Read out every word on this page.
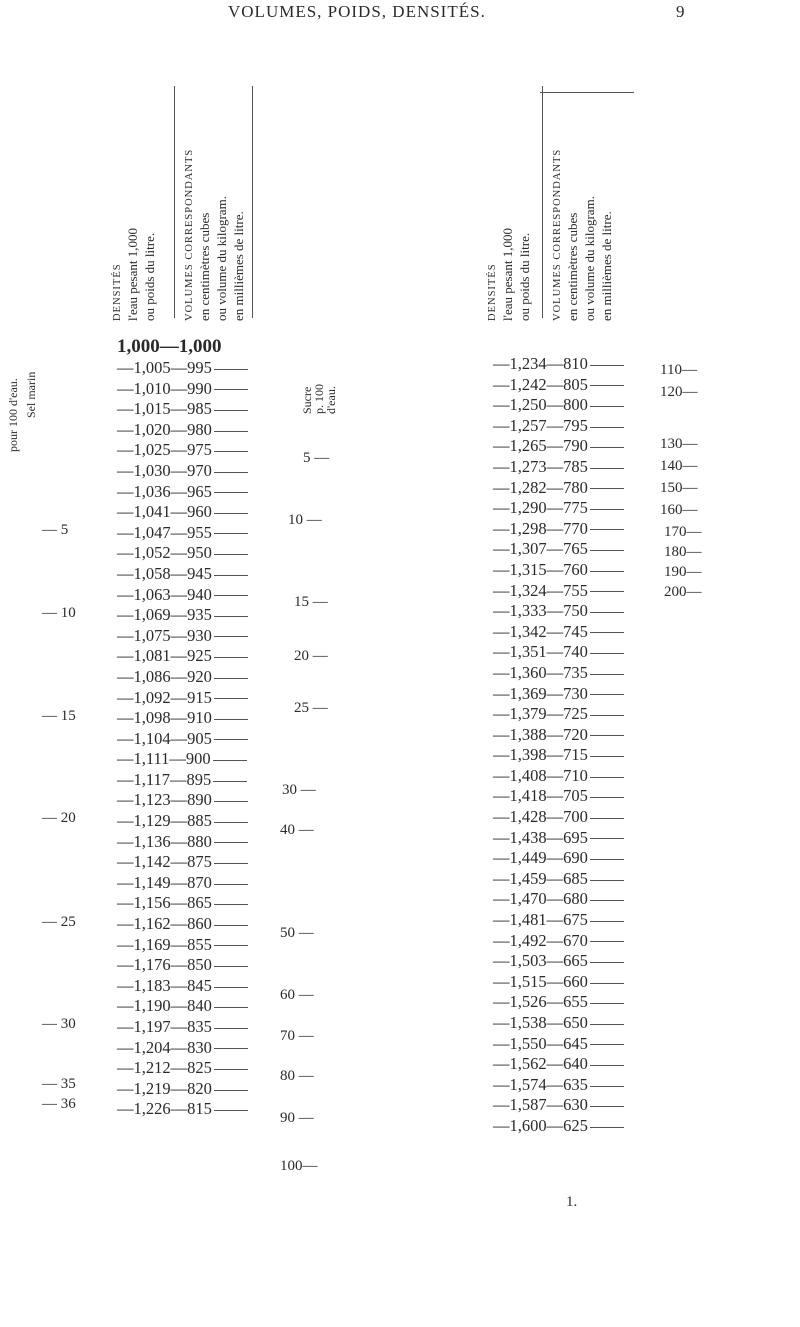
VOLUMES, POIDS, DENSITÉS.	9
DENSITÉS l'eau pesant 1,000 ou poids du litre.	VOLUMES CORRESPONDANTS en centimètres cubes ou volume du kilogram. en millièmes de litre.	DENSITÉS l'eau pesant 1,000 ou poids du litre. VOLUMES CORRESPONDANTS en centimètres cubes ou volume du kilogram. en millièmes de litre.
pour 100 d'eau. Sel marin	Sucre
p. 100
d'eau.
1,000—1,000
—1,005—995
—1,010—990
—1,015—985
—1,020—980
—1,025—975
—1,030—970
—1,036—965
—1,041—960
—1,047—955
—1,052—950
—1,058—945
—1,063—940
—1,069—935
—1,075—930
—1,081—925
—1,086—920
—1,092—915
—1,098—910
—1,104—905
—1,111—900
—1,117—895
—1,123—890
—1,129—885
—1,136—880
—1,142—875
—1,149—870
—1,156—865
—1,162—860
—1,169—855
—1,176—850
—1,183—845
—1,190—840
—1,197—835
—1,204—830
—1,212—825
—1,219—820
—1,226—815
— 5
— 10
— 15
— 20
— 25
— 30
— 35
— 36
5 —
10 —
15 —
20 —
25 —
30 —
40 —
50 —
60 —
70 —
80 —
90 —
100—
—1,234—810
—1,242—805
—1,250—800
—1,257—795
—1,265—790
—1,273—785
—1,282—780
—1,290—775
—1,298—770
—1,307—765
—1,315—760
—1,324—755
—1,333—750
—1,342—745
—1,351—740
—1,360—735
—1,369—730
—1,379—725
—1,388—720
—1,398—715
—1,408—710
—1,418—705
—1,428—700
—1,438—695
—1,449—690
—1,459—685
—1,470—680
—1,481—675
—1,492—670
—1,503—665
—1,515—660
—1,526—655
—1,538—650
—1,550—645
—1,562—640
—1,574—635
—1,587—630
—1,600—625
110—
120—
130—
140—
150—
160—
170—
180—
190—
200—
1.
